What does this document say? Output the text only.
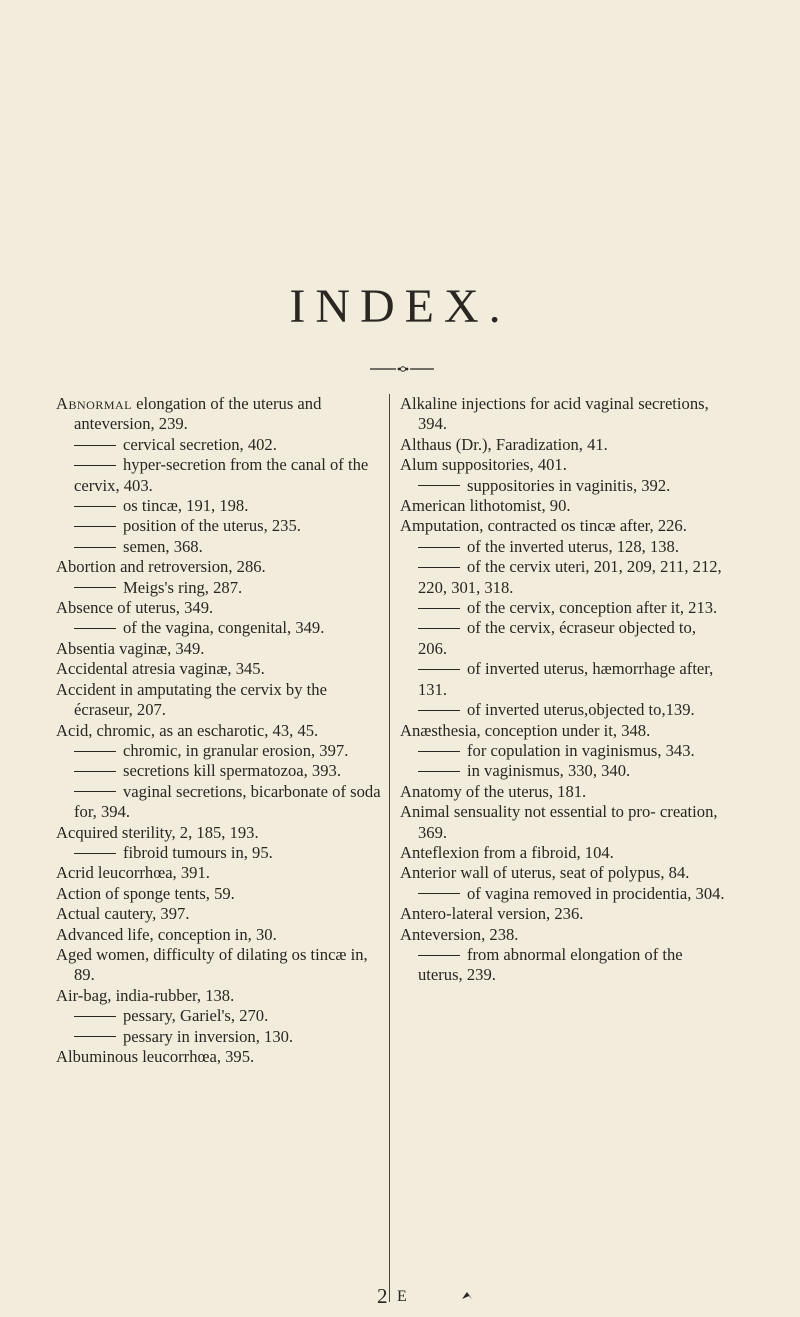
INDEX.
Abnormal elongation of the uterus and anteversion, 239.
cervical secretion, 402.
hyper-secretion from the canal of the cervix, 403.
os tincæ, 191, 198.
position of the uterus, 235.
semen, 368.
Abortion and retroversion, 286.
Meigs's ring, 287.
Absence of uterus, 349.
of the vagina, congenital, 349.
Absentia vaginæ, 349.
Accidental atresia vaginæ, 345.
Accident in amputating the cervix by the écraseur, 207.
Acid, chromic, as an escharotic, 43, 45.
chromic, in granular erosion, 397.
secretions kill spermatozoa, 393.
vaginal secretions, bicarbonate of soda for, 394.
Acquired sterility, 2, 185, 193.
fibroid tumours in, 95.
Acrid leucorrhœa, 391.
Action of sponge tents, 59.
Actual cautery, 397.
Advanced life, conception in, 30.
Aged women, difficulty of dilating os tincæ in, 89.
Air-bag, india-rubber, 138.
pessary, Gariel's, 270.
pessary in inversion, 130.
Albuminous leucorrhœa, 395.
Alkaline injections for acid vaginal secretions, 394.
Althaus (Dr.), Faradization, 41.
Alum suppositories, 401.
suppositories in vaginitis, 392.
American lithotomist, 90.
Amputation, contracted os tincæ after, 226.
of the inverted uterus, 128, 138.
of the cervix uteri, 201, 209, 211, 212, 220, 301, 318.
of the cervix, conception after it, 213.
of the cervix, écraseur objected to, 206.
of inverted uterus, hæmorrhage after, 131.
of inverted uterus,objected to,139.
Anæsthesia, conception under it, 348.
for copulation in vaginismus, 343.
in vaginismus, 330, 340.
Anatomy of the uterus, 181.
Animal sensuality not essential to pro- creation, 369.
Anteflexion from a fibroid, 104.
Anterior wall of uterus, seat of polypus, 84.
of vagina removed in procidentia, 304.
Antero-lateral version, 236.
Anteversion, 238.
from abnormal elongation of the uterus, 239.
2 E
